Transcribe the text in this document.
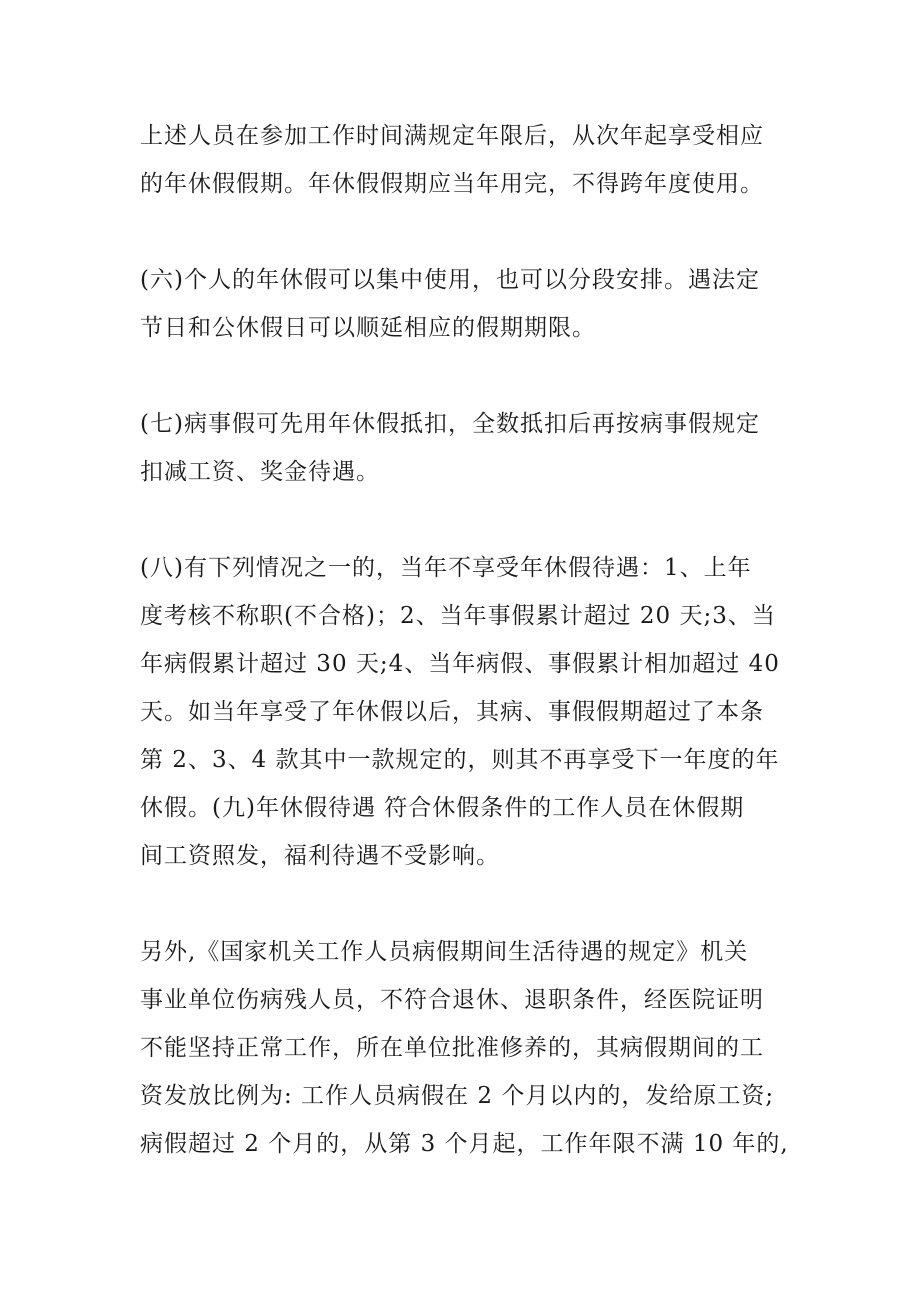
上述人员在参加工作时间满规定年限后，从次年起享受相应
的年休假假期。年休假假期应当年用完，不得跨年度使用。

(六)个人的年休假可以集中使用，也可以分段安排。遇法定
节日和公休假日可以顺延相应的假期期限。

(七)病事假可先用年休假抵扣，全数抵扣后再按病事假规定
扣减工资、奖金待遇。

(八)有下列情况之一的，当年不享受年休假待遇：1、上年
度考核不称职(不合格)；2、当年事假累计超过 20 天;3、当
年病假累计超过 30 天;4、当年病假、事假累计相加超过 40
天。如当年享受了年休假以后，其病、事假假期超过了本条
第 2、3、4 款其中一款规定的，则其不再享受下一年度的年
休假。(九)年休假待遇 符合休假条件的工作人员在休假期
间工资照发，福利待遇不受影响。

另外,《国家机关工作人员病假期间生活待遇的规定》机关
事业单位伤病残人员，不符合退休、退职条件，经医院证明
不能坚持正常工作，所在单位批准修养的，其病假期间的工
资发放比例为: 工作人员病假在 2 个月以内的，发给原工资;
病假超过 2 个月的，从第 3 个月起，工作年限不满 10 年的,
